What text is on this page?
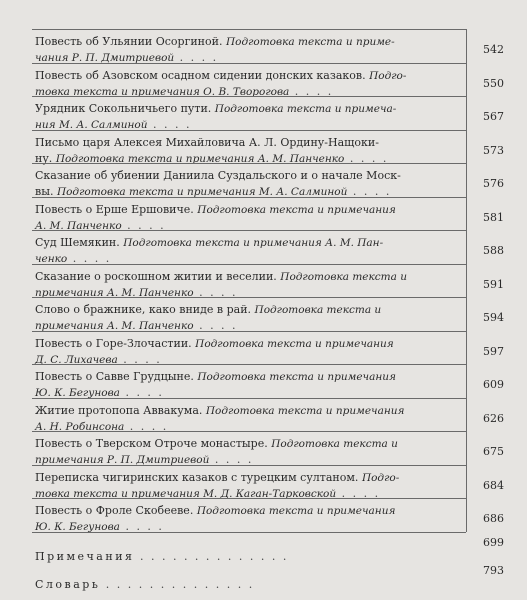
Повесть об Ульянии Осоргиной. Подготовка текста и приме-
чания Р. П. Дмитриевой . . . .
542
Повесть об Азовском осадном сидении донских казаков. Подго-
товка текста и примечания О. В. Творогова . . . .
550
Урядник Сокольничьего пути. Подготовка текста и примеча-
ния М. А. Салминой . . . .
567
Письмо царя Алексея Михайловича А. Л. Ордину-Нащоки-
ну. Подготовка текста и примечания А. М. Панченко . . . .
573
Сказание об убиении Даниила Суздальского и о начале Моск-
вы. Подготовка текста и примечания М. А. Салминой . . . .
576
Повесть о Ерше Ершовиче. Подготовка текста и примечания
А. М. Панченко . . . .
581
Суд Шемякин. Подготовка текста и примечания А. М. Пан-
ченко . . . .
588
Сказание о роскошном житии и веселии. Подготовка текста и
примечания А. М. Панченко . . . .
591
Слово о бражнике, како вниде в рай. Подготовка текста и
примечания А. М. Панченко . . . .
594
Повесть о Горе-Злочастии. Подготовка текста и примечания
Д. С. Лихачева . . . .
597
Повесть о Савве Грудцыне. Подготовка текста и примечания
Ю. К. Бегунова . . . .
609
Житие протопопа Аввакума. Подготовка текста и примечания
А. Н. Робинсона . . . .
626
Повесть о Тверском Отроче монастыре. Подготовка текста и
примечания Р. П. Дмитриевой . . . .
675
Переписка чигиринских казаков с турецким султаном. Подго-
товка текста и примечания М. Д. Каган-Тарковской . . . .
684
Повесть о Фроле Скобееве. Подготовка текста и примечания
Ю. К. Бегунова . . . .
686
Примечания . . . . . . . . . . . . . .
699
Словарь . . . . . . . . . . . . . .
793
